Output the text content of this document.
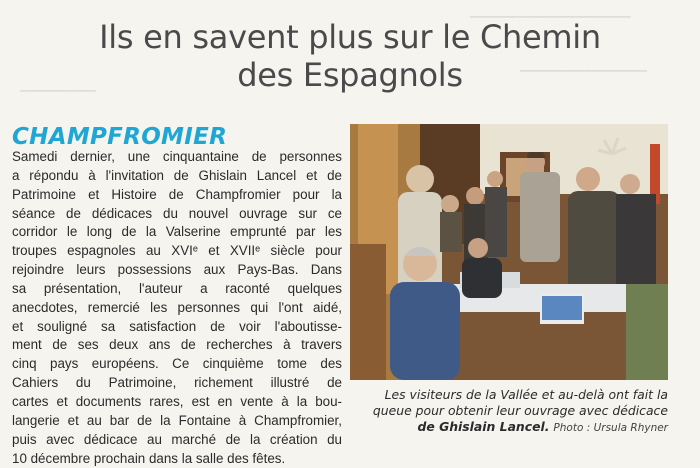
▁▁▁▁▁▁▁▁▁▁▁▁▁▁▁▁▁▁▁
▁▁▁▁▁▁▁▁▁▁▁▁▁▁▁
▁▁▁▁▁▁▁▁▁
Ils en savent plus sur le Chemin
des Espagnols
CHAMPFROMIER

Samedi dernier, une cinquantaine de personnes
a répondu à l'invitation de Ghislain Lancel et de
Patrimoine et Histoire de Champfromier pour la
séance de dédicaces du nouvel ouvrage sur ce
corridor le long de la Valserine emprunté par les
troupes espagnoles au XVIᵉ et XVIIᵉ siècle pour
rejoindre leurs possessions aux Pays-Bas. Dans
sa présentation, l'auteur a raconté quelques
anecdotes, remercié les personnes qui l'ont aidé,
et souligné sa satisfaction de voir l'aboutisse-
ment de ses deux ans de recherches à travers
cinq pays européens. Ce cinquième tome des
Cahiers du Patrimoine, richement illustré de
cartes et documents rares, est en vente à la bou-
langerie et au bar de la Fontaine à Champfromier,
puis avec dédicace au marché de la création du
10 décembre prochain dans la salle des fêtes.

Les visiteurs de la Vallée et au-delà ont fait la
queue pour obtenir leur ouvrage avec dédicace
de Ghislain Lancel. Photo : Ursula Rhyner
